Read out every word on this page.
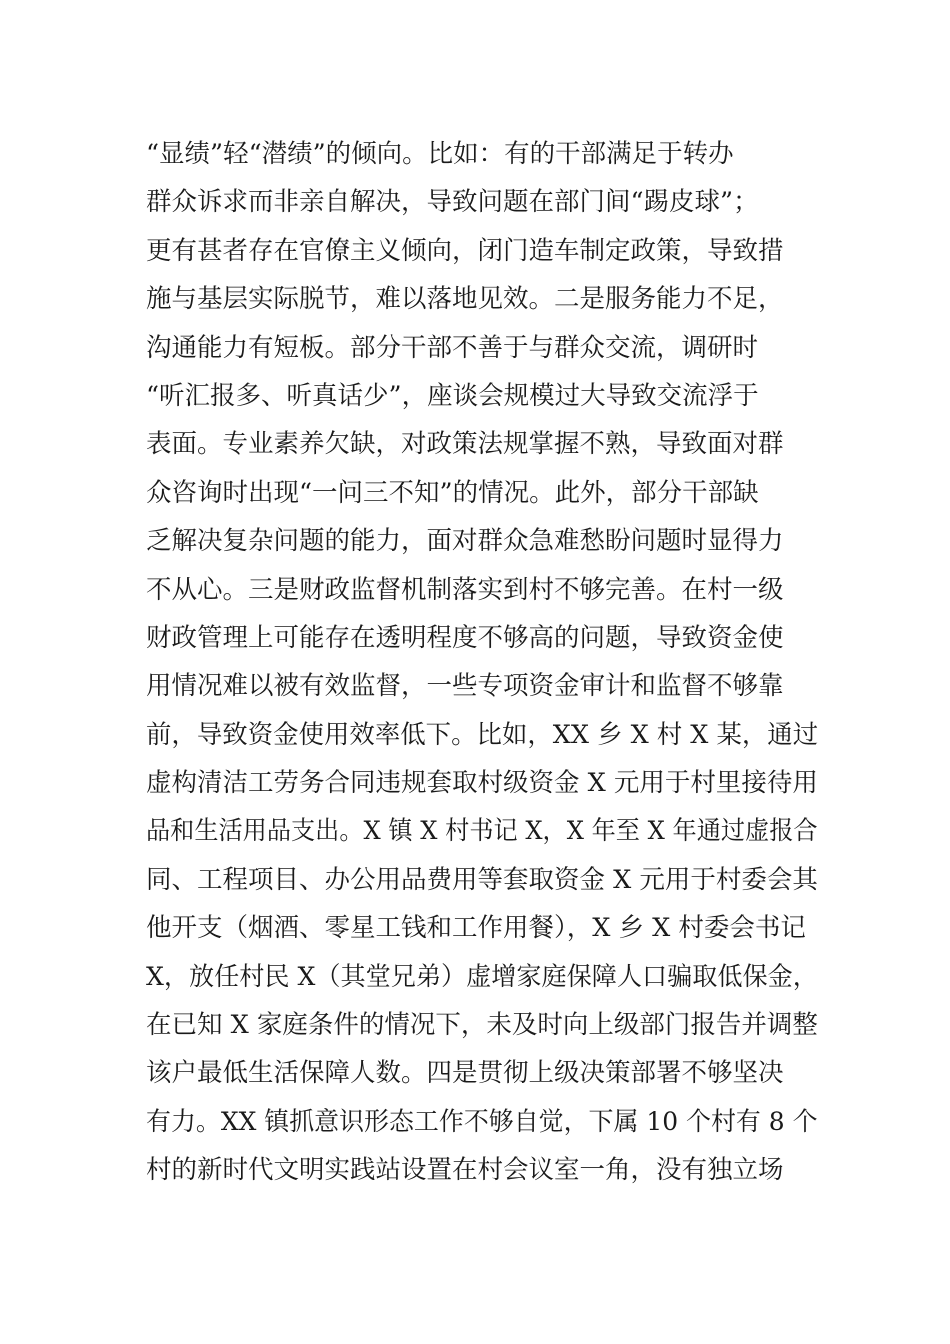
“显绩”轻“潜绩”的倾向。比如：有的干部满足于转办
群众诉求而非亲自解决，导致问题在部门间“踢皮球”；
更有甚者存在官僚主义倾向，闭门造车制定政策，导致措
施与基层实际脱节，难以落地见效。二是服务能力不足，
沟通能力有短板。部分干部不善于与群众交流，调研时
“听汇报多、听真话少”，座谈会规模过大导致交流浮于
表面。专业素养欠缺，对政策法规掌握不熟，导致面对群
众咨询时出现“一问三不知”的情况。此外，部分干部缺
乏解决复杂问题的能力，面对群众急难愁盼问题时显得力
不从心。三是财政监督机制落实到村不够完善。在村一级
财政管理上可能存在透明程度不够高的问题，导致资金使
用情况难以被有效监督，一些专项资金审计和监督不够靠
前，导致资金使用效率低下。比如，XX 乡 X 村 X 某，通过
虚构清洁工劳务合同违规套取村级资金 X 元用于村里接待用
品和生活用品支出。X 镇 X 村书记 X，X 年至 X 年通过虚报合
同、工程项目、办公用品费用等套取资金 X 元用于村委会其
他开支（烟酒、零星工钱和工作用餐），X 乡 X 村委会书记
X，放任村民 X（其堂兄弟）虚增家庭保障人口骗取低保金，
在已知 X 家庭条件的情况下，未及时向上级部门报告并调整
该户最低生活保障人数。四是贯彻上级决策部署不够坚决
有力。XX 镇抓意识形态工作不够自觉，下属 10 个村有 8 个
村的新时代文明实践站设置在村会议室一角，没有独立场
